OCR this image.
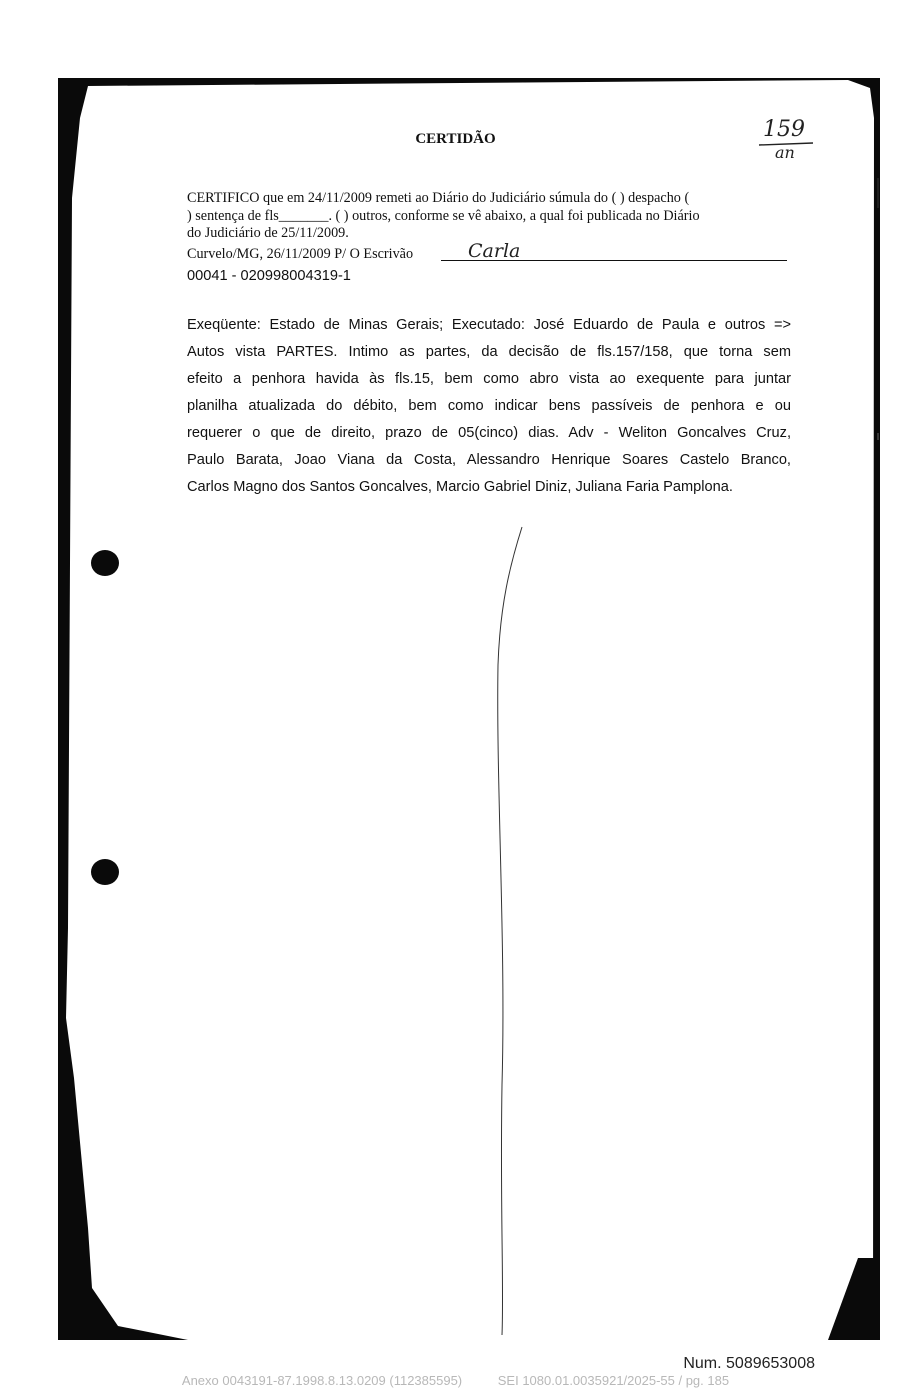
159
an
CERTIDÃO
CERTIFICO que em 24/11/2009 remeti ao Diário do Judiciário súmula do ( ) despacho (
) sentença de fls_______. ( ) outros, conforme se vê abaixo, a qual foi publicada no Diário
do Judiciário de 25/11/2009.
Curvelo/MG, 26/11/2009 P/ O Escrivão	Carla
00041 - 020998004319-1
Exeqüente: Estado de Minas Gerais; Executado: José Eduardo de Paula e outros =>
Autos vista PARTES. Intimo as partes, da decisão de fls.157/158, que torna sem
efeito a penhora havida às fls.15, bem como abro vista ao exequente para juntar
planilha atualizada do débito, bem como indicar bens passíveis de penhora e ou
requerer o que de direito, prazo de 05(cinco) dias. Adv - Weliton Goncalves Cruz,
Paulo Barata, Joao Viana da Costa, Alessandro Henrique Soares Castelo Branco,
Carlos Magno dos Santos Goncalves, Marcio Gabriel Diniz, Juliana Faria Pamplona.
Num. 5089653008
Anexo 0043191-87.1998.8.13.0209 (112385595)	SEI 1080.01.0035921/2025-55 / pg. 185
